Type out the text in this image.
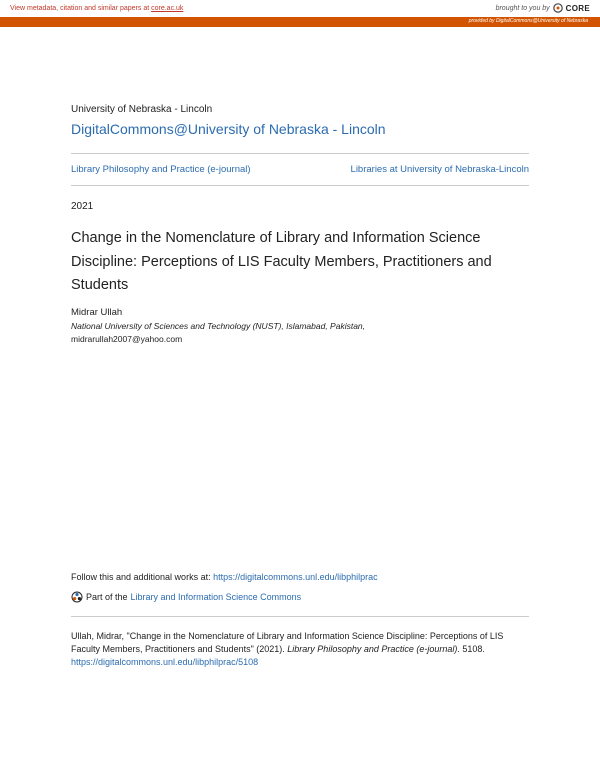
View metadata, citation and similar papers at core.ac.uk	brought to you by CORE
provided by DigitalCommons@University of Nebraska
University of Nebraska - Lincoln
DigitalCommons@University of Nebraska - Lincoln
Library Philosophy and Practice (e-journal)	Libraries at University of Nebraska-Lincoln
2021
Change in the Nomenclature of Library and Information Science Discipline: Perceptions of LIS Faculty Members, Practitioners and Students
Midrar Ullah
National University of Sciences and Technology (NUST), Islamabad, Pakistan,
midrarullah2007@yahoo.com
Follow this and additional works at: https://digitalcommons.unl.edu/libphilprac
Part of the Library and Information Science Commons
Ullah, Midrar, "Change in the Nomenclature of Library and Information Science Discipline: Perceptions of LIS Faculty Members, Practitioners and Students" (2021). Library Philosophy and Practice (e-journal). 5108.
https://digitalcommons.unl.edu/libphilprac/5108
